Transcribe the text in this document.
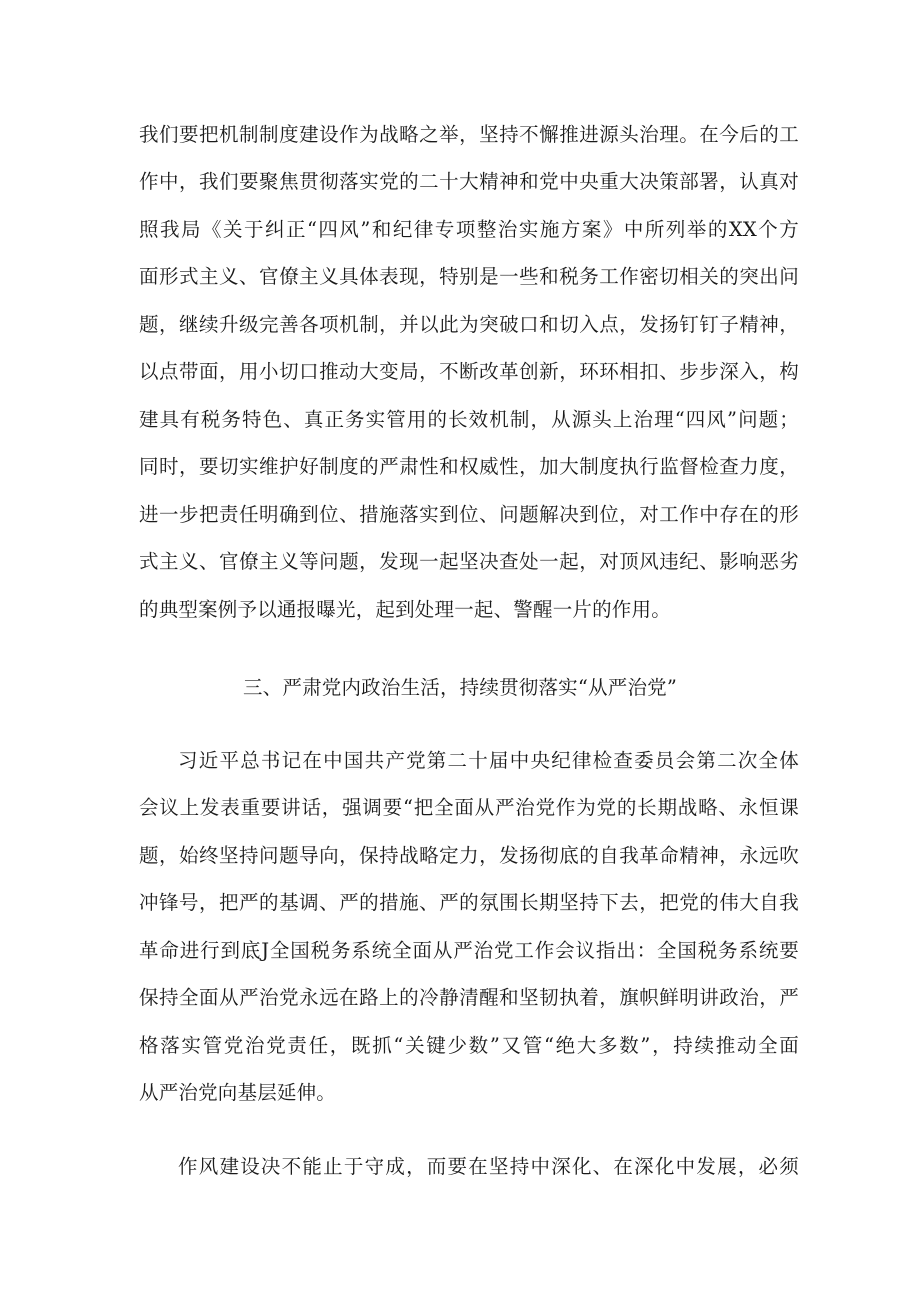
我们要把机制制度建设作为战略之举，坚持不懈推进源头治理。在今后的工
作中，我们要聚焦贯彻落实党的二十大精神和党中央重大决策部署，认真对
照我局《关于纠正“四风”和纪律专项整治实施方案》中所列举的XX个方
面形式主义、官僚主义具体表现，特别是一些和税务工作密切相关的突出问
题，继续升级完善各项机制，并以此为突破口和切入点，发扬钉钉子精神，
以点带面，用小切口推动大变局，不断改革创新，环环相扣、步步深入，构
建具有税务特色、真正务实管用的长效机制，从源头上治理“四风”问题；
同时，要切实维护好制度的严肃性和权威性，加大制度执行监督检查力度，
进一步把责任明确到位、措施落实到位、问题解决到位，对工作中存在的形
式主义、官僚主义等问题，发现一起坚决查处一起，对顶风违纪、影响恶劣
的典型案例予以通报曝光，起到处理一起、警醒一片的作用。
三、严肃党内政治生活，持续贯彻落实“从严治党”
习近平总书记在中国共产党第二十届中央纪律检查委员会第二次全体
会议上发表重要讲话，强调要“把全面从严治党作为党的长期战略、永恒课
题，始终坚持问题导向，保持战略定力，发扬彻底的自我革命精神，永远吹
冲锋号，把严的基调、严的措施、严的氛围长期坚持下去，把党的伟大自我
革命进行到底J全国税务系统全面从严治党工作会议指出：全国税务系统要
保持全面从严治党永远在路上的冷静清醒和坚韧执着，旗帜鲜明讲政治，严
格落实管党治党责任，既抓“关键少数”又管“绝大多数”，持续推动全面
从严治党向基层延伸。
作风建设决不能止于守成，而要在坚持中深化、在深化中发展，必须
